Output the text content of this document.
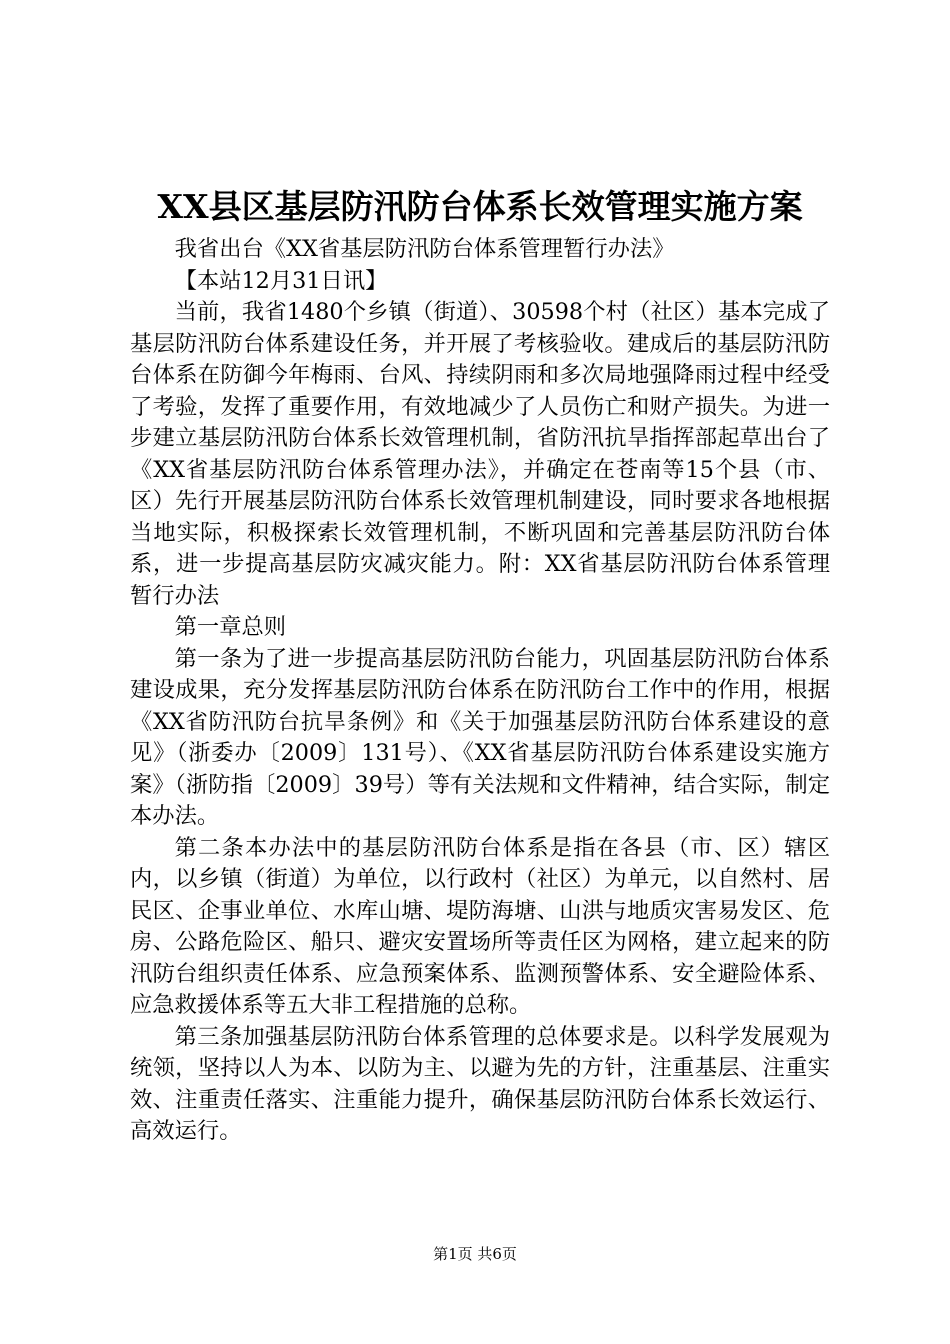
XX县区基层防汛防台体系长效管理实施方案

我省出台《XX省基层防汛防台体系管理暂行办法》

【本站12月31日讯】

当前，我省1480个乡镇（街道）、30598个村（社区）基本完成了基层防汛防台体系建设任务，并开展了考核验收。建成后的基层防汛防台体系在防御今年梅雨、台风、持续阴雨和多次局地强降雨过程中经受了考验，发挥了重要作用，有效地减少了人员伤亡和财产损失。为进一步建立基层防汛防台体系长效管理机制，省防汛抗旱指挥部起草出台了《XX省基层防汛防台体系管理办法》，并确定在苍南等15个县（市、区）先行开展基层防汛防台体系长效管理机制建设，同时要求各地根据当地实际，积极探索长效管理机制，不断巩固和完善基层防汛防台体系，进一步提高基层防灾减灾能力。附：XX省基层防汛防台体系管理暂行办法

第一章总则

第一条为了进一步提高基层防汛防台能力，巩固基层防汛防台体系建设成果，充分发挥基层防汛防台体系在防汛防台工作中的作用，根据《XX省防汛防台抗旱条例》和《关于加强基层防汛防台体系建设的意见》（浙委办〔2009〕131号）、《XX省基层防汛防台体系建设实施方案》（浙防指〔2009〕39号）等有关法规和文件精神，结合实际，制定本办法。

第二条本办法中的基层防汛防台体系是指在各县（市、区）辖区内，以乡镇（街道）为单位，以行政村（社区）为单元，以自然村、居民区、企事业单位、水库山塘、堤防海塘、山洪与地质灾害易发区、危房、公路危险区、船只、避灾安置场所等责任区为网格，建立起来的防汛防台组织责任体系、应急预案体系、监测预警体系、安全避险体系、应急救援体系等五大非工程措施的总称。

第三条加强基层防汛防台体系管理的总体要求是。以科学发展观为统领，坚持以人为本、以防为主、以避为先的方针，注重基层、注重实效、注重责任落实、注重能力提升，确保基层防汛防台体系长效运行、高效运行。

第1页 共6页
